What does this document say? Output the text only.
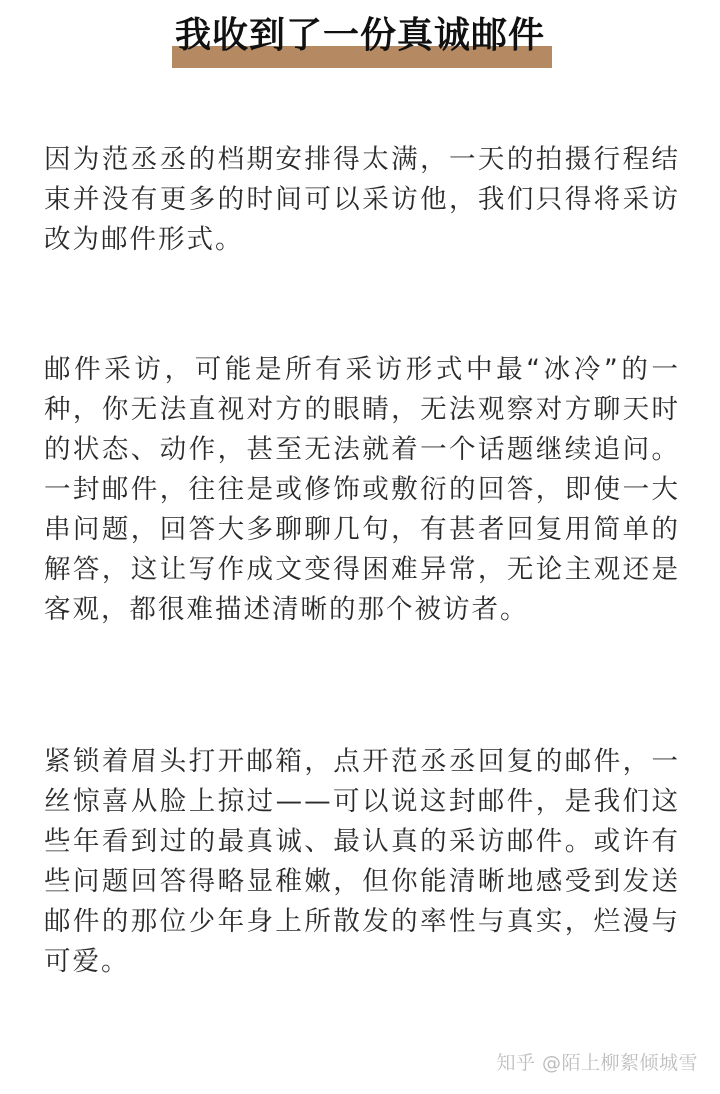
我收到了一份真诚邮件

因为范丞丞的档期安排得太满，一天的拍摄行程结束并没有更多的时间可以采访他，我们只得将采访改为邮件形式。

邮件采访，可能是所有采访形式中最“冰冷”的一种，你无法直视对方的眼睛，无法观察对方聊天时的状态、动作，甚至无法就着一个话题继续追问。一封邮件，往往是或修饰或敷衍的回答，即使一大串问题，回答大多聊聊几句，有甚者回复用简单的解答，这让写作成文变得困难异常，无论主观还是客观，都很难描述清晰的那个被访者。

紧锁着眉头打开邮箱，点开范丞丞回复的邮件，一丝惊喜从脸上掠过——可以说这封邮件，是我们这些年看到过的最真诚、最认真的采访邮件。或许有些问题回答得略显稚嫩，但你能清晰地感受到发送邮件的那位少年身上所散发的率性与真实，烂漫与可爱。

知乎 @陌上柳絮倾城雪
